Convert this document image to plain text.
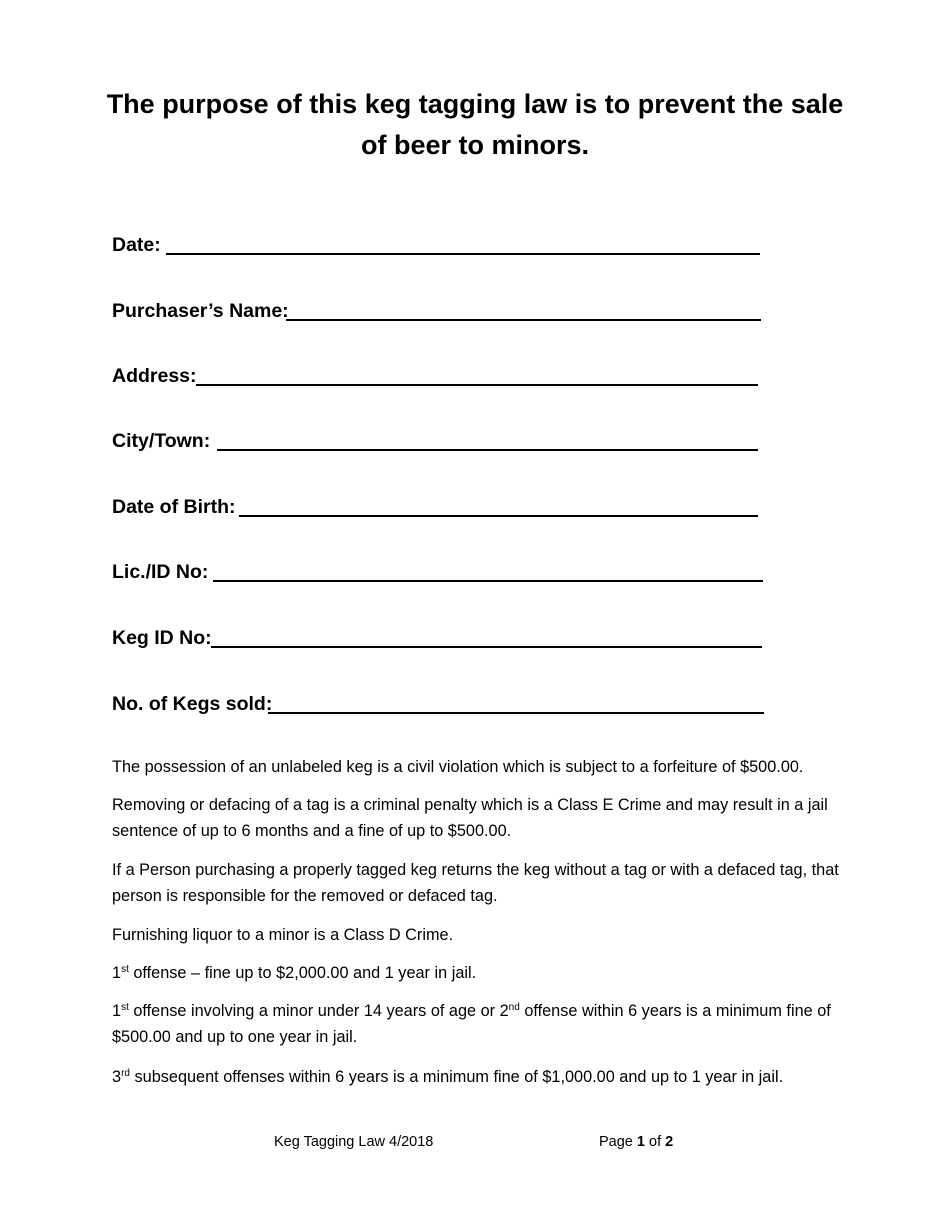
The purpose of this keg tagging law is to prevent the sale of beer to minors.
Date:
Purchaser’s Name:
Address:
City/Town:
Date of Birth:
Lic./ID No:
Keg ID No:
No. of Kegs sold:

The possession of an unlabeled keg is a civil violation which is subject to a forfeiture of $500.00.

Removing or defacing of a tag is a criminal penalty which is a Class E Crime and may result in a jail sentence of up to 6 months and a fine of up to $500.00.

If a Person purchasing a properly tagged keg returns the keg without a tag or with a defaced tag, that person is responsible for the removed or defaced tag.

Furnishing liquor to a minor is a Class D Crime.

1st offense – fine up to $2,000.00 and 1 year in jail.

1st offense involving a minor under 14 years of age or 2nd offense within 6 years is a minimum fine of $500.00 and up to one year in jail.

3rd subsequent offenses within 6 years is a minimum fine of $1,000.00 and up to 1 year in jail.

Keg Tagging Law 4/2018	Page 1 of 2
